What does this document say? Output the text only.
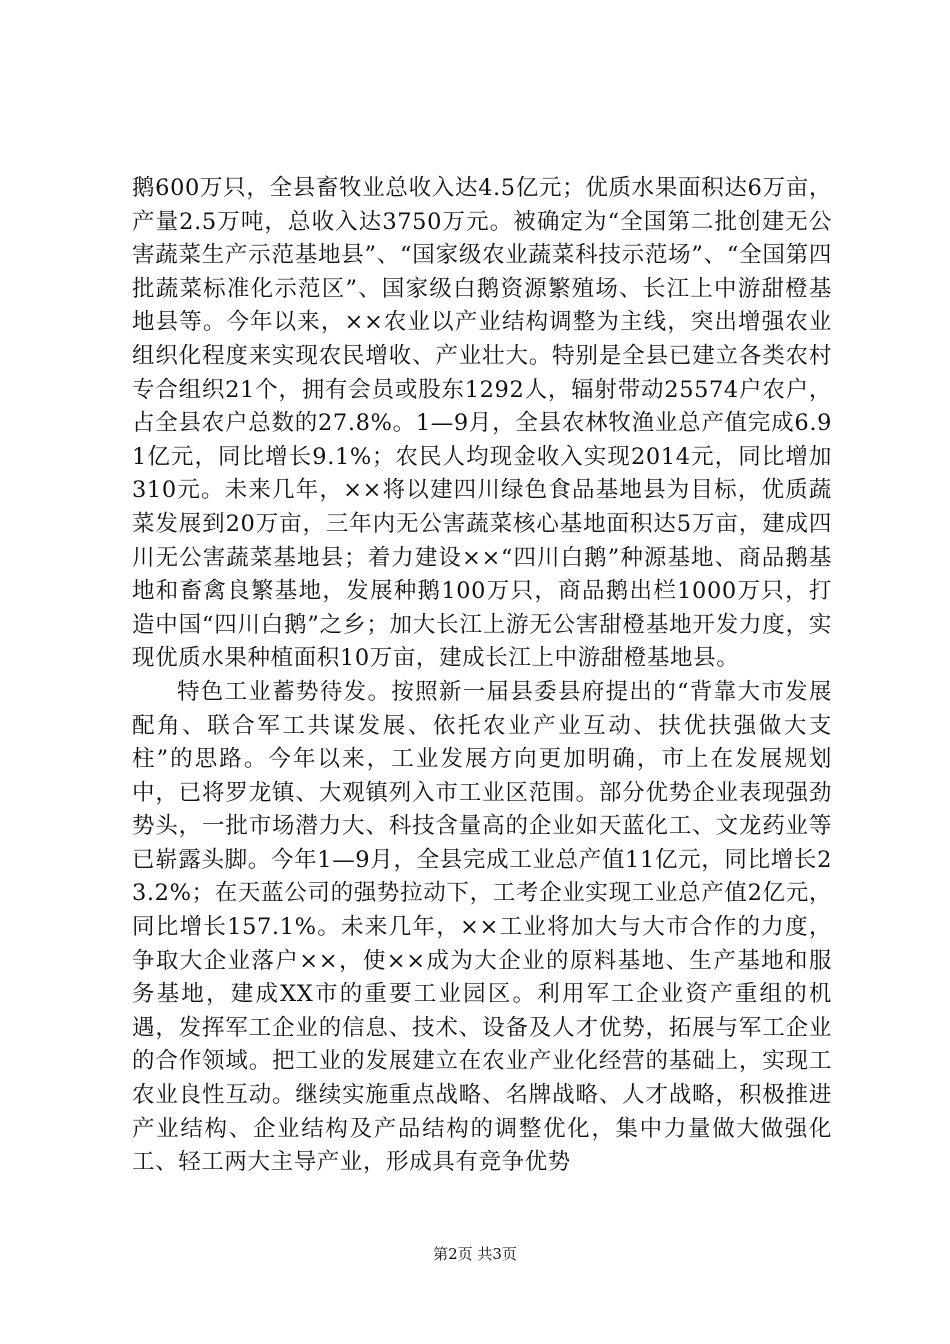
鹅600万只，全县畜牧业总收入达4.5亿元；优质水果面积达6万亩，产量2.5万吨，总收入达3750万元。被确定为“全国第二批创建无公害蔬菜生产示范基地县”、“国家级农业蔬菜科技示范场”、“全国第四批蔬菜标准化示范区”、国家级白鹅资源繁殖场、长江上中游甜橙基地县等。今年以来，××农业以产业结构调整为主线，突出增强农业组织化程度来实现农民增收、产业壮大。特别是全县已建立各类农村专合组织21个，拥有会员或股东1292人，辐射带动25574户农户，占全县农户总数的27.8%。1—9月，全县农林牧渔业总产值完成6.91亿元，同比增长9.1%；农民人均现金收入实现2014元，同比增加310元。未来几年，××将以建四川绿色食品基地县为目标，优质蔬菜发展到20万亩，三年内无公害蔬菜核心基地面积达5万亩，建成四川无公害蔬菜基地县；着力建设××“四川白鹅”种源基地、商品鹅基地和畜禽良繁基地，发展种鹅100万只，商品鹅出栏1000万只，打造中国“四川白鹅”之乡；加大长江上游无公害甜橙基地开发力度，实现优质水果种植面积10万亩，建成长江上中游甜橙基地县。

特色工业蓄势待发。按照新一届县委县府提出的“背靠大市发展配角、联合军工共谋发展、依托农业产业互动、扶优扶强做大支柱”的思路。今年以来，工业发展方向更加明确，市上在发展规划中，已将罗龙镇、大观镇列入市工业区范围。部分优势企业表现强劲势头，一批市场潜力大、科技含量高的企业如天蓝化工、文龙药业等已崭露头脚。今年1—9月，全县完成工业总产值11亿元，同比增长23.2%；在天蓝公司的强势拉动下，工考企业实现工业总产值2亿元，同比增长157.1%。未来几年，××工业将加大与大市合作的力度，争取大企业落户××，使××成为大企业的原料基地、生产基地和服务基地，建成XX市的重要工业园区。利用军工企业资产重组的机遇，发挥军工企业的信息、技术、设备及人才优势，拓展与军工企业的合作领域。把工业的发展建立在农业产业化经营的基础上，实现工农业良性互动。继续实施重点战略、名牌战略、人才战略，积极推进产业结构、企业结构及产品结构的调整优化，集中力量做大做强化工、轻工两大主导产业，形成具有竞争优势

第2页 共3页
